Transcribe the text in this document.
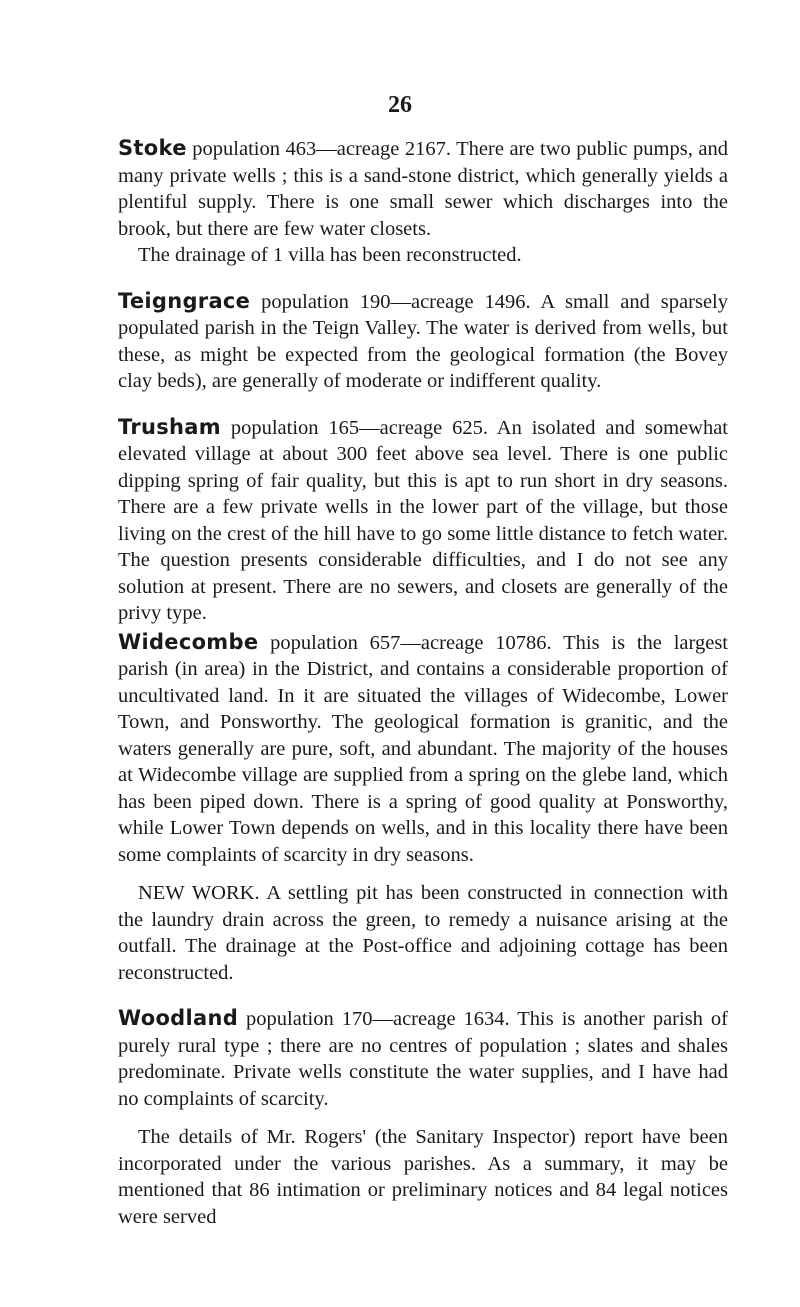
26

Stoke population 463—acreage 2167. There are two public pumps, and many private wells ; this is a sand-stone district, which generally yields a plentiful supply. There is one small sewer which discharges into the brook, but there are few water closets.

The drainage of 1 villa has been reconstructed.

Teigngrace population 190—acreage 1496. A small and sparsely populated parish in the Teign Valley. The water is derived from wells, but these, as might be expected from the geological formation (the Bovey clay beds), are generally of moderate or indifferent quality.

Trusham population 165—acreage 625. An isolated and somewhat elevated village at about 300 feet above sea level. There is one public dipping spring of fair quality, but this is apt to run short in dry seasons. There are a few private wells in the lower part of the village, but those living on the crest of the hill have to go some little distance to fetch water. The question presents considerable difficulties, and I do not see any solution at present. There are no sewers, and closets are generally of the privy type.

Widecombe population 657—acreage 10786. This is the largest parish (in area) in the District, and contains a considerable proportion of uncultivated land. In it are situated the villages of Widecombe, Lower Town, and Ponsworthy. The geological formation is granitic, and the waters generally are pure, soft, and abundant. The majority of the houses at Widecombe village are supplied from a spring on the glebe land, which has been piped down. There is a spring of good quality at Ponsworthy, while Lower Town depends on wells, and in this locality there have been some complaints of scarcity in dry seasons.

NEW WORK. A settling pit has been constructed in connection with the laundry drain across the green, to remedy a nuisance arising at the outfall. The drainage at the Post-office and adjoining cottage has been reconstructed.

Woodland population 170—acreage 1634. This is another parish of purely rural type ; there are no centres of population ; slates and shales predominate. Private wells constitute the water supplies, and I have had no complaints of scarcity.

The details of Mr. Rogers' (the Sanitary Inspector) report have been incorporated under the various parishes. As a summary, it may be mentioned that 86 intimation or preliminary notices and 84 legal notices were served
